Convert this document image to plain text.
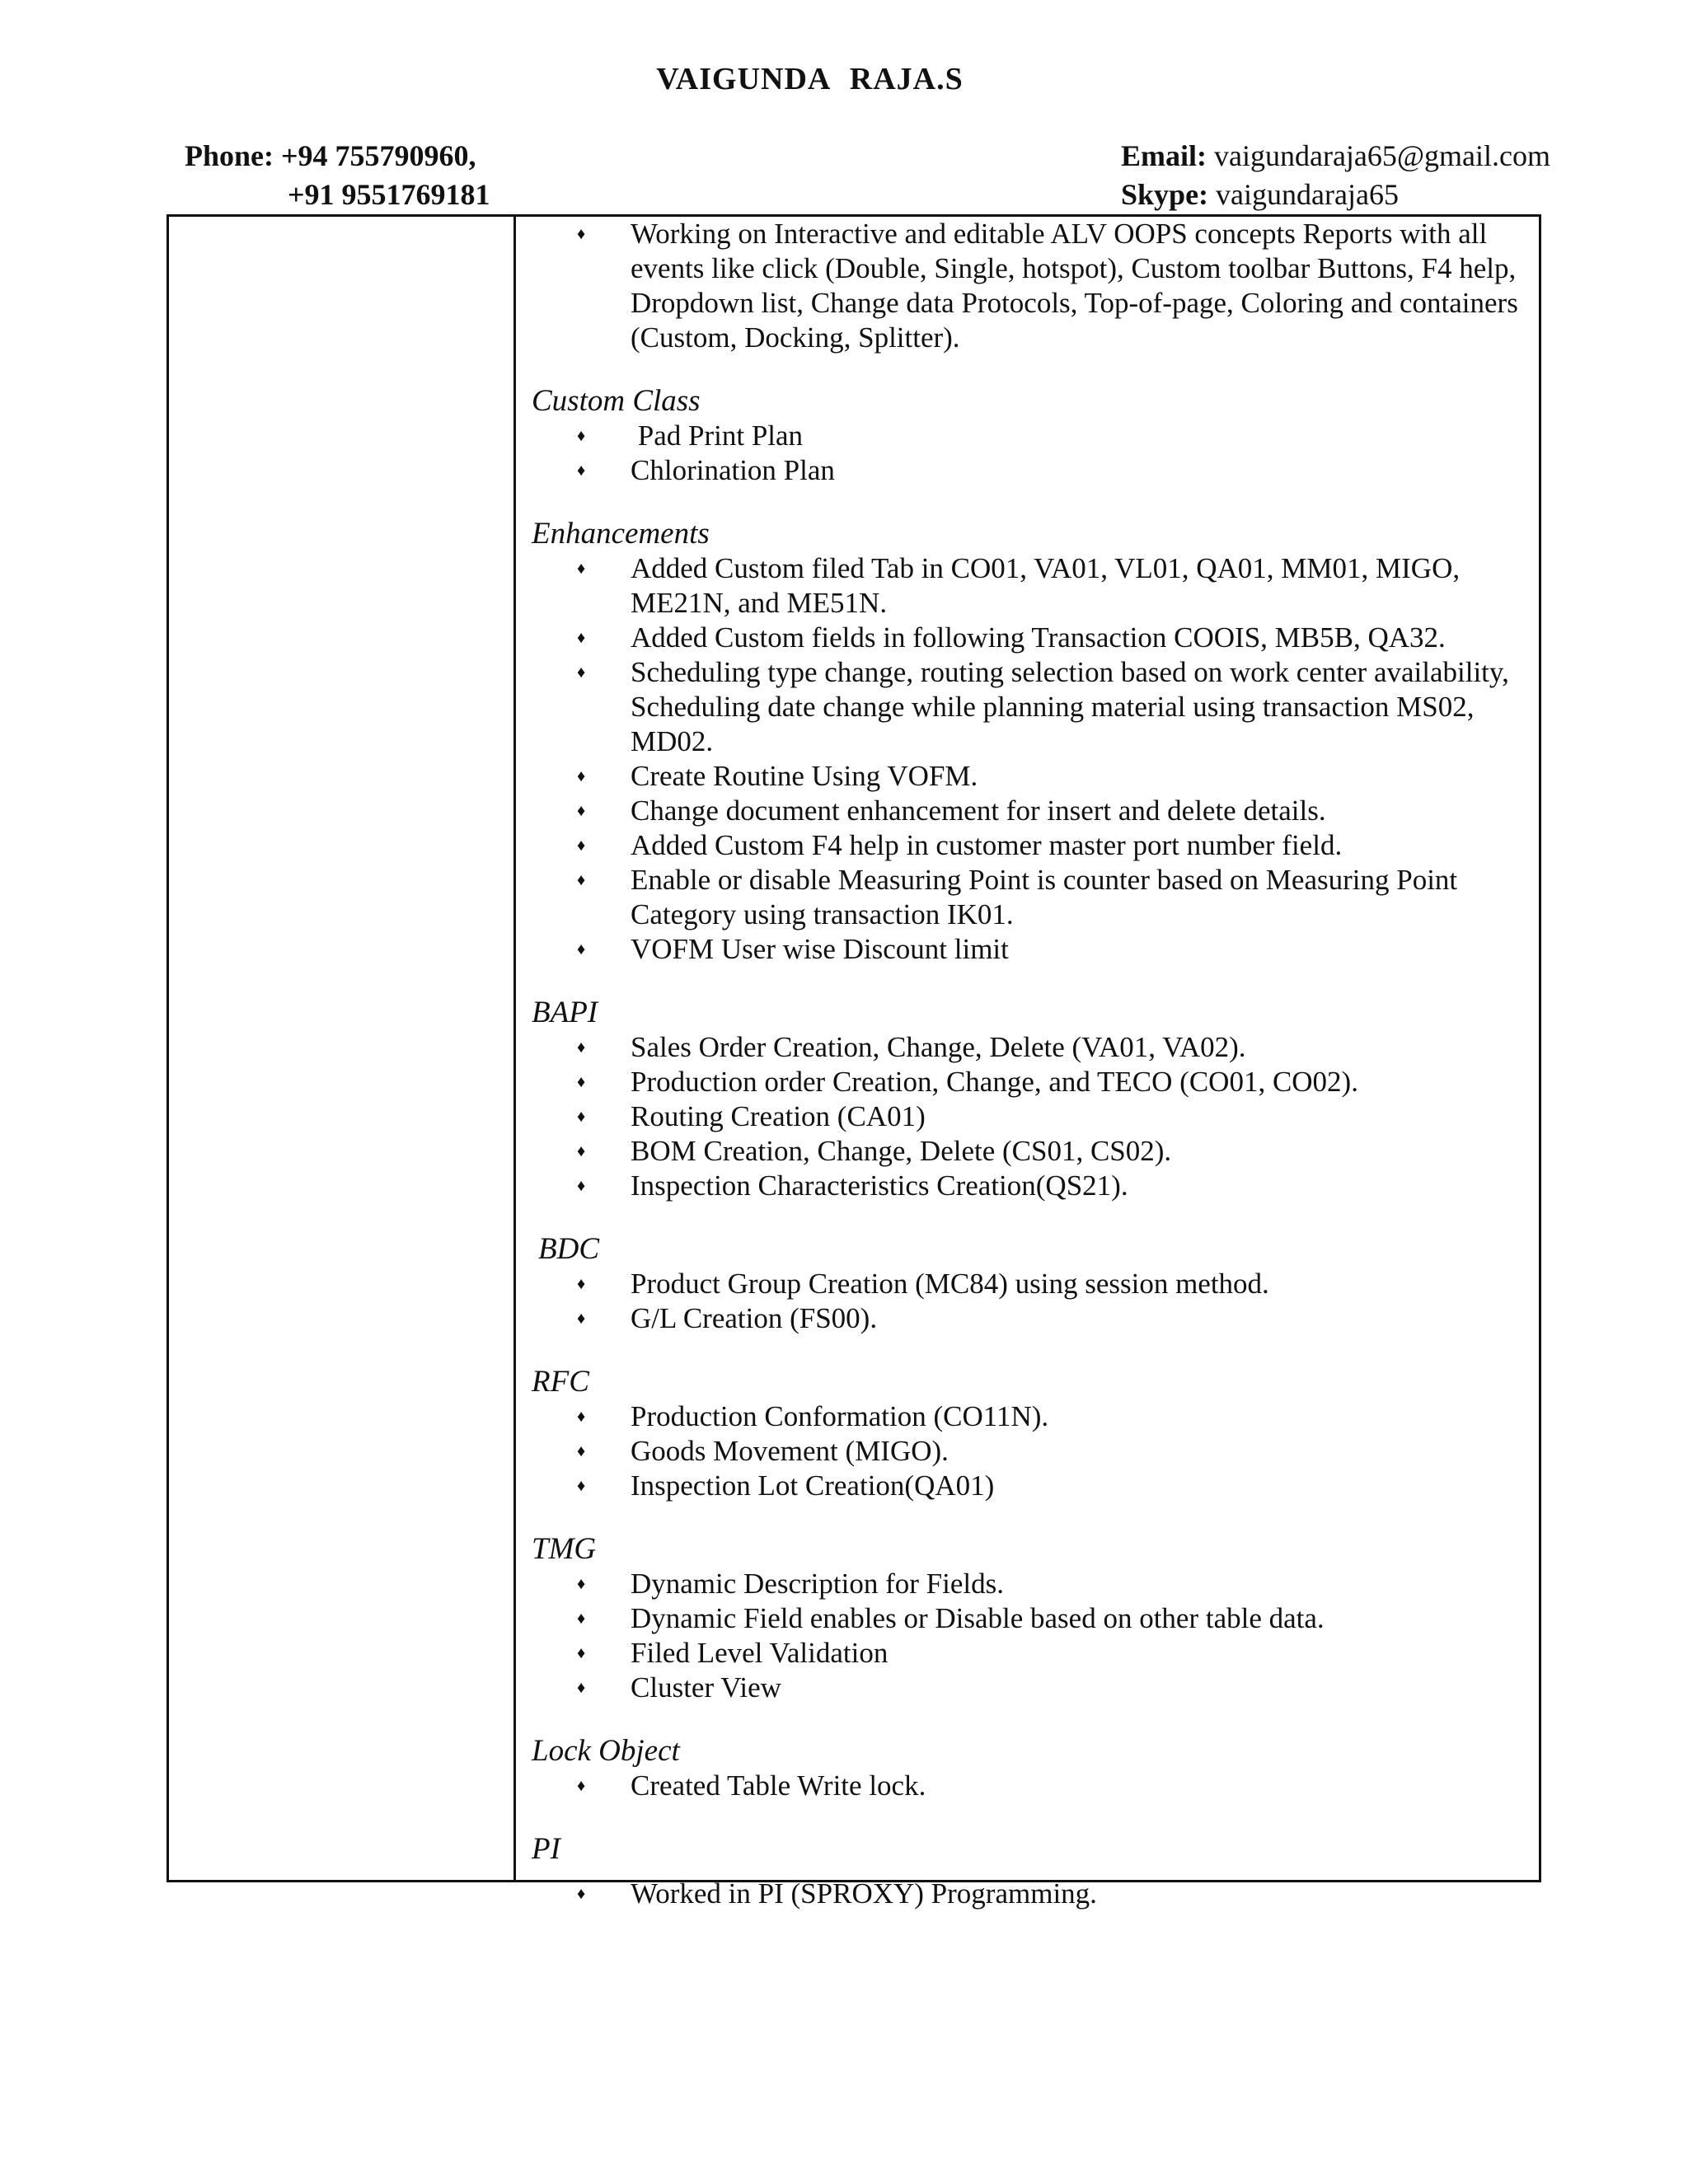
VAIGUNDA RAJA.S
Phone: +94 755790960,
+91 9551769181
Email: vaigundaraja65@gmail.com
Skype: vaigundaraja65
♦ Working on Interactive and editable ALV OOPS concepts Reports with all events like click (Double, Single, hotspot), Custom toolbar Buttons, F4 help, Dropdown list, Change data Protocols, Top-of-page, Coloring and containers (Custom, Docking, Splitter).
Custom Class
♦  Pad Print Plan
♦ Chlorination Plan
Enhancements
♦ Added Custom filed Tab in CO01, VA01, VL01, QA01, MM01, MIGO, ME21N, and ME51N.
♦ Added Custom fields in following Transaction COOIS, MB5B, QA32.
♦ Scheduling type change, routing selection based on work center availability, Scheduling date change while planning material using transaction MS02, MD02.
♦ Create Routine Using VOFM.
♦ Change document enhancement for insert and delete details.
♦ Added Custom F4 help in customer master port number field.
♦ Enable or disable Measuring Point is counter based on Measuring Point Category using transaction IK01.
♦ VOFM User wise Discount limit
BAPI
♦ Sales Order Creation, Change, Delete (VA01, VA02).
♦ Production order Creation, Change, and TECO (CO01, CO02).
♦ Routing Creation (CA01)
♦ BOM Creation, Change, Delete (CS01, CS02).
♦ Inspection Characteristics Creation(QS21).
BDC
♦ Product Group Creation (MC84) using session method.
♦ G/L Creation (FS00).
RFC
♦ Production Conformation (CO11N).
♦ Goods Movement (MIGO).
♦ Inspection Lot Creation(QA01)
TMG
♦ Dynamic Description for Fields.
♦ Dynamic Field enables or Disable based on other table data.
♦ Filed Level Validation
♦ Cluster View
Lock Object
♦ Created Table Write lock.
PI
♦ Worked in PI (SPROXY) Programming.
